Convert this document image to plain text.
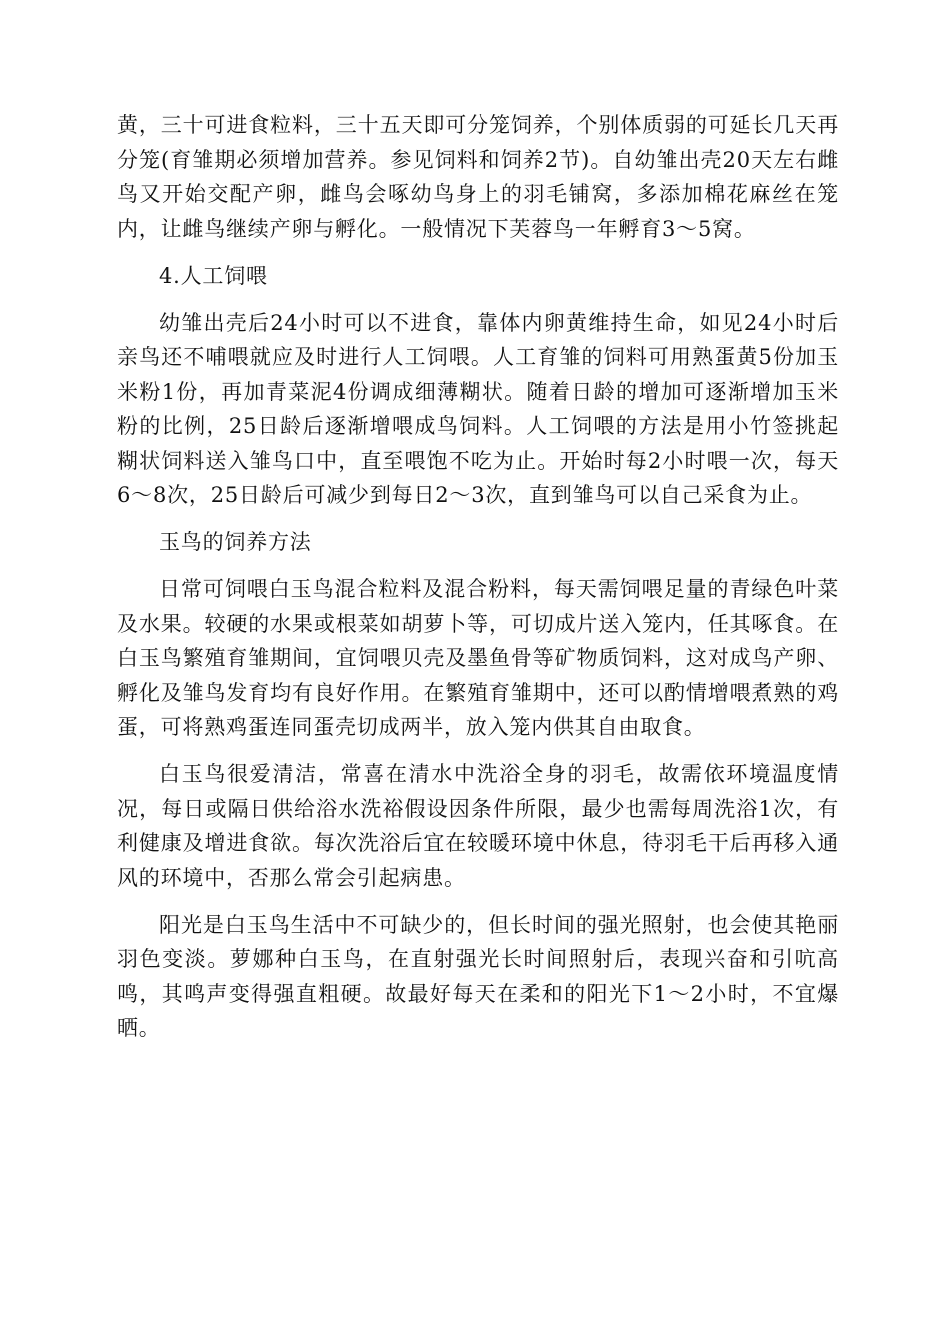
黄，三十可进食粒料，三十五天即可分笼饲养，个别体质弱的可延长几天再分笼(育雏期必须增加营养。参见饲料和饲养2节)。自幼雏出壳20天左右雌鸟又开始交配产卵，雌鸟会啄幼鸟身上的羽毛铺窝，多添加棉花麻丝在笼内，让雌鸟继续产卵与孵化。一般情况下芙蓉鸟一年孵育3～5窝。

4.人工饲喂

幼雏出壳后24小时可以不进食，靠体内卵黄维持生命，如见24小时后亲鸟还不哺喂就应及时进行人工饲喂。人工育雏的饲料可用熟蛋黄5份加玉米粉1份，再加青菜泥4份调成细薄糊状。随着日龄的增加可逐渐增加玉米粉的比例，25日龄后逐渐增喂成鸟饲料。人工饲喂的方法是用小竹签挑起糊状饲料送入雏鸟口中，直至喂饱不吃为止。开始时每2小时喂一次，每天6～8次，25日龄后可减少到每日2～3次，直到雏鸟可以自己采食为止。

玉鸟的饲养方法

日常可饲喂白玉鸟混合粒料及混合粉料，每天需饲喂足量的青绿色叶菜及水果。较硬的水果或根菜如胡萝卜等，可切成片送入笼内，任其啄食。在白玉鸟繁殖育雏期间，宜饲喂贝壳及墨鱼骨等矿物质饲料，这对成鸟产卵、孵化及雏鸟发育均有良好作用。在繁殖育雏期中，还可以酌情增喂煮熟的鸡蛋，可将熟鸡蛋连同蛋壳切成两半，放入笼内供其自由取食。

白玉鸟很爱清洁，常喜在清水中洗浴全身的羽毛，故需依环境温度情况，每日或隔日供给浴水洗裕假设因条件所限，最少也需每周洗浴1次，有利健康及增进食欲。每次洗浴后宜在较暖环境中休息，待羽毛干后再移入通风的环境中，否那么常会引起病患。

阳光是白玉鸟生活中不可缺少的，但长时间的强光照射，也会使其艳丽羽色变淡。萝娜种白玉鸟，在直射强光长时间照射后，表现兴奋和引吭高鸣，其鸣声变得强直粗硬。故最好每天在柔和的阳光下1～2小时，不宜爆晒。
